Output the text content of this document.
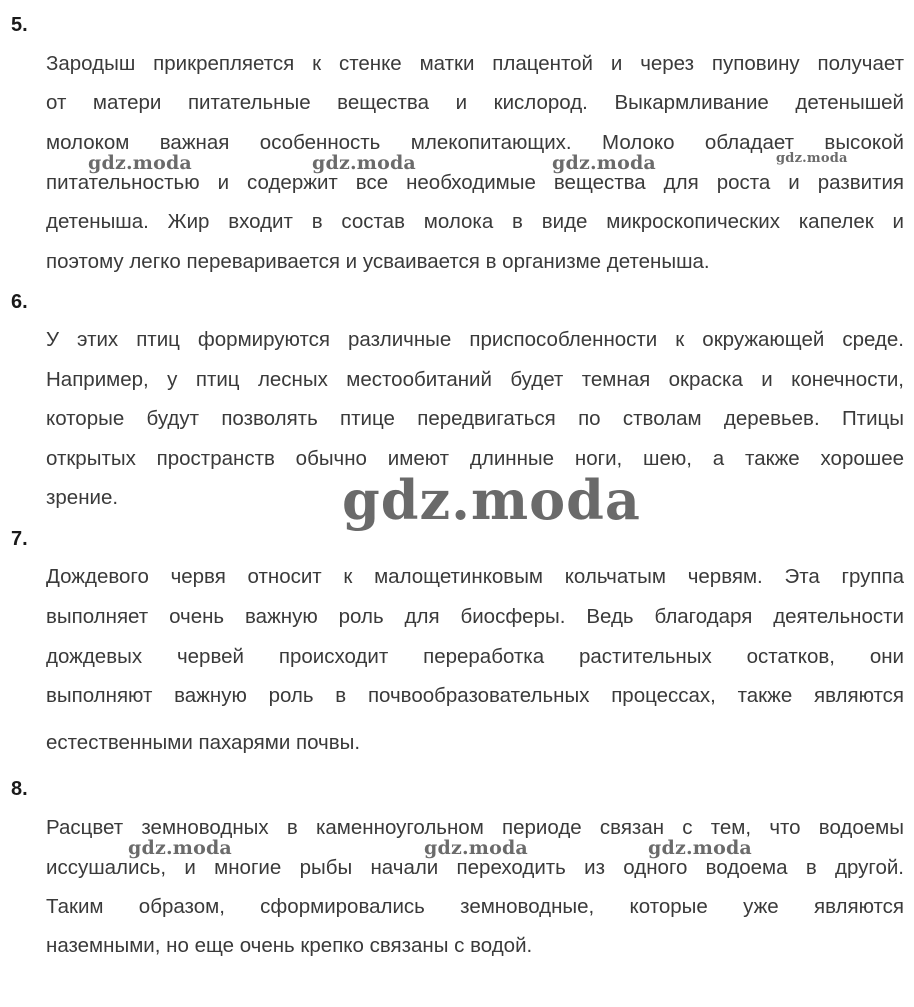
5.
Зародыш прикрепляется к стенке матки плацентой и через пуповину получает
от матери питательные вещества и кислород. Выкармливание детенышей
молоком важная особенность млекопитающих. Молоко обладает высокой
питательностью и содержит все необходимые вещества для роста и развития
детеныша. Жир входит в состав молока в виде микроскопических капелек и
поэтому легко переваривается и усваивается в организме детеныша.
6.
У этих птиц формируются различные приспособленности к окружающей среде.
Например, у птиц лесных местообитаний будет темная окраска и конечности,
которые будут позволять птице передвигаться по стволам деревьев. Птицы
открытых пространств обычно имеют длинные ноги, шею, а также хорошее
зрение.
7.
Дождевого червя относит к малощетинковым кольчатым червям. Эта группа
выполняет очень важную роль для биосферы. Ведь благодаря деятельности
дождевых червей происходит переработка растительных остатков, они
выполняют важную роль в почвообразовательных процессах, также являются
естественными пахарями почвы.
8.
Расцвет земноводных в каменноугольном периоде связан с тем, что водоемы
иссушались, и многие рыбы начали переходить из одного водоема в другой.
Таким образом, сформировались земноводные, которые уже являются
наземными, но еще очень крепко связаны с водой.
gdz.moda	gdz.moda	gdz.moda	gdz.moda
gdz.moda
gdz.moda	gdz.moda	gdz.moda
